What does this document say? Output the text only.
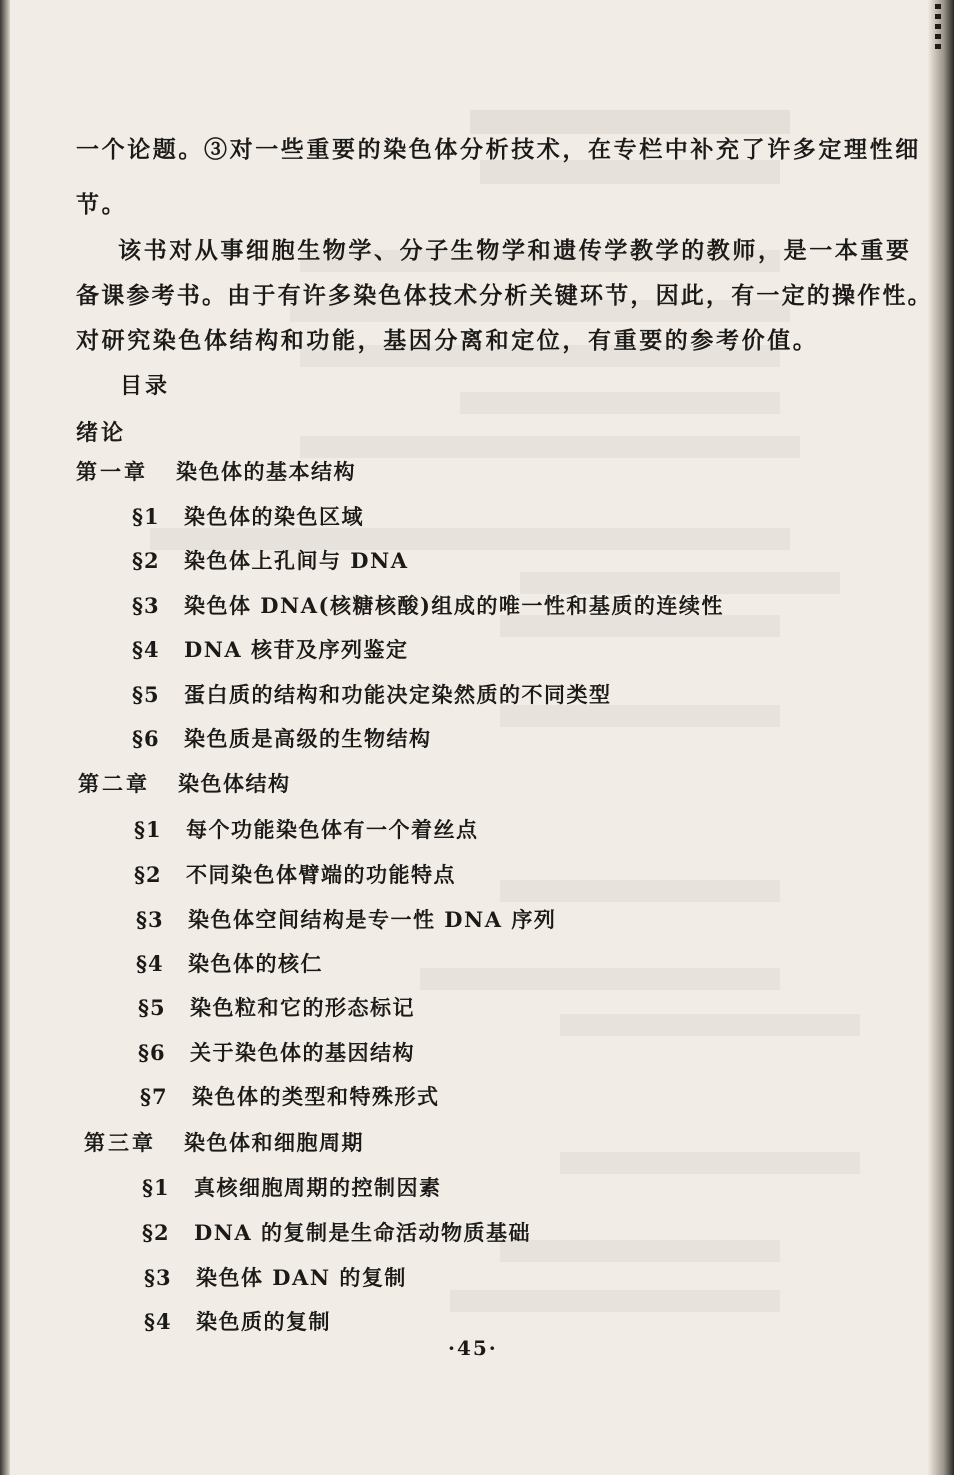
一个论题。③对一些重要的染色体分析技术，在专栏中补充了许多定理性细
节。
该书对从事细胞生物学、分子生物学和遗传学教学的教师，是一本重要
备课参考书。由于有许多染色体技术分析关键环节，因此，有一定的操作性。
对研究染色体结构和功能，基因分离和定位，有重要的参考价值。
目录
绪论
第一章 染色体的基本结构
§1 染色体的染色区域
§2 染色体上孔间与 DNA
§3 染色体 DNA(核糖核酸)组成的唯一性和基质的连续性
§4 DNA 核苷及序列鉴定
§5 蛋白质的结构和功能决定染然质的不同类型
§6 染色质是高级的生物结构
第二章 染色体结构
§1 每个功能染色体有一个着丝点
§2 不同染色体臂端的功能特点
§3 染色体空间结构是专一性 DNA 序列
§4 染色体的核仁
§5 染色粒和它的形态标记
§6 关于染色体的基因结构
§7 染色体的类型和特殊形式
第三章 染色体和细胞周期
§1 真核细胞周期的控制因素
§2 DNA 的复制是生命活动物质基础
§3 染色体 DAN 的复制
§4 染色质的复制
·45·
